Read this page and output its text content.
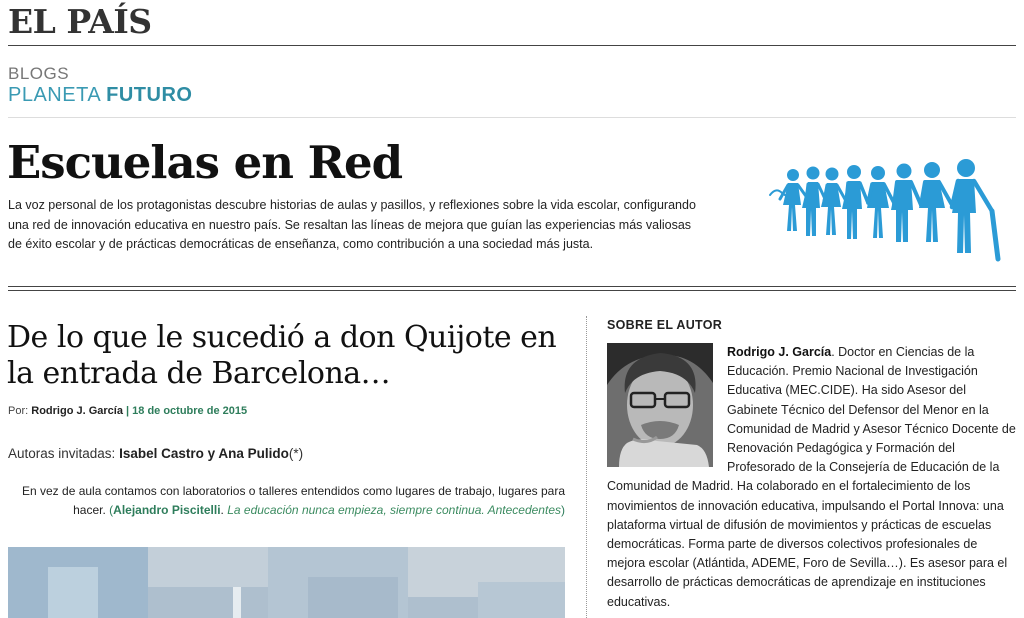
EL PAÍS
BLOGS
PLANETA FUTURO
Escuelas en Red
La voz personal de los protagonistas descubre historias de aulas y pasillos, y reflexiones sobre la vida escolar, configurando una red de innovación educativa en nuestro país. Se resaltan las líneas de mejora que guían las experiencias más valiosas de éxito escolar y de prácticas democráticas de enseñanza, como contribución a una sociedad más justa.
De lo que le sucedió a don Quijote en la entrada de Barcelona…
Por: Rodrigo J. García | 18 de octubre de 2015
Autoras invitadas: Isabel Castro y Ana Pulido(*)
En vez de aula contamos con laboratorios o talleres entendidos como lugares de trabajo, lugares para hacer. (Alejandro Piscitelli. La educación nunca empieza, siempre continua. Antecedentes)
SOBRE EL AUTOR
Rodrigo J. García. Doctor en Ciencias de la Educación. Premio Nacional de Investigación Educativa (MEC.CIDE). Ha sido Asesor del Gabinete Técnico del Defensor del Menor en la Comunidad de Madrid y Asesor Técnico Docente de Renovación Pedagógica y Formación del Profesorado de la Consejería de Educación de la Comunidad de Madrid. Ha colaborado en el fortalecimiento de los movimientos de innovación educativa, impulsando el Portal Innova: una plataforma virtual de difusión de movimientos y prácticas de escuelas democráticas. Forma parte de diversos colectivos profesionales de mejora escolar (Atlántida, ADEME, Foro de Sevilla…). Es asesor para el desarrollo de prácticas democráticas de aprendizaje en instituciones educativas.
